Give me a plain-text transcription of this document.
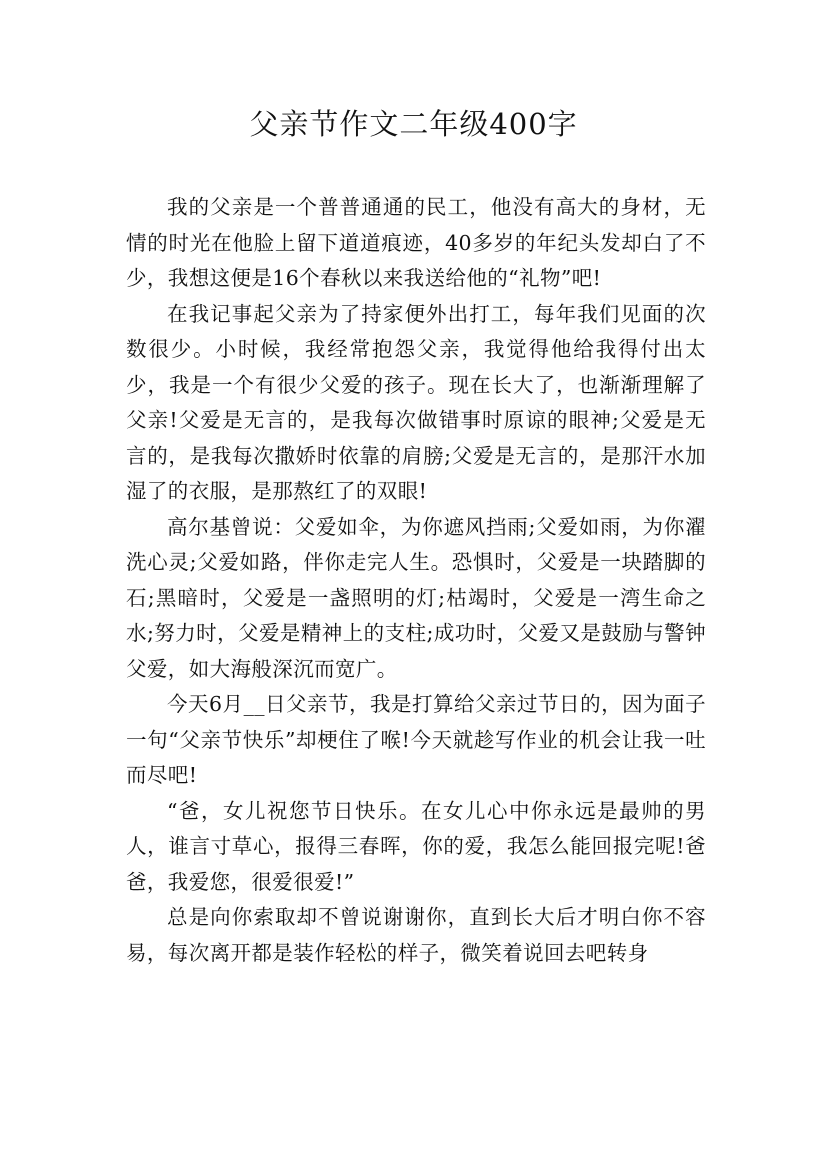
父亲节作文二年级400字

我的父亲是一个普普通通的民工，他没有高大的身材，无情的时光在他脸上留下道道痕迹，40多岁的年纪头发却白了不少，我想这便是16个春秋以来我送给他的“礼物”吧!

在我记事起父亲为了持家便外出打工，每年我们见面的次数很少。小时候，我经常抱怨父亲，我觉得他给我得付出太少，我是一个有很少父爱的孩子。现在长大了，也渐渐理解了父亲!父爱是无言的，是我每次做错事时原谅的眼神;父爱是无言的，是我每次撒娇时依靠的肩膀;父爱是无言的，是那汗水加湿了的衣服，是那熬红了的双眼!

高尔基曾说：父爱如伞，为你遮风挡雨;父爱如雨，为你濯洗心灵;父爱如路，伴你走完人生。恐惧时，父爱是一块踏脚的石;黑暗时，父爱是一盏照明的灯;枯竭时，父爱是一湾生命之水;努力时，父爱是精神上的支柱;成功时，父爱又是鼓励与警钟父爱，如大海般深沉而宽广。

今天6月__日父亲节，我是打算给父亲过节日的，因为面子一句“父亲节快乐”却梗住了喉!今天就趁写作业的机会让我一吐而尽吧!

“爸，女儿祝您节日快乐。在女儿心中你永远是最帅的男人，谁言寸草心，报得三春晖，你的爱，我怎么能回报完呢!爸爸，我爱您，很爱很爱!”

总是向你索取却不曾说谢谢你，直到长大后才明白你不容易，每次离开都是装作轻松的样子，微笑着说回去吧转身
